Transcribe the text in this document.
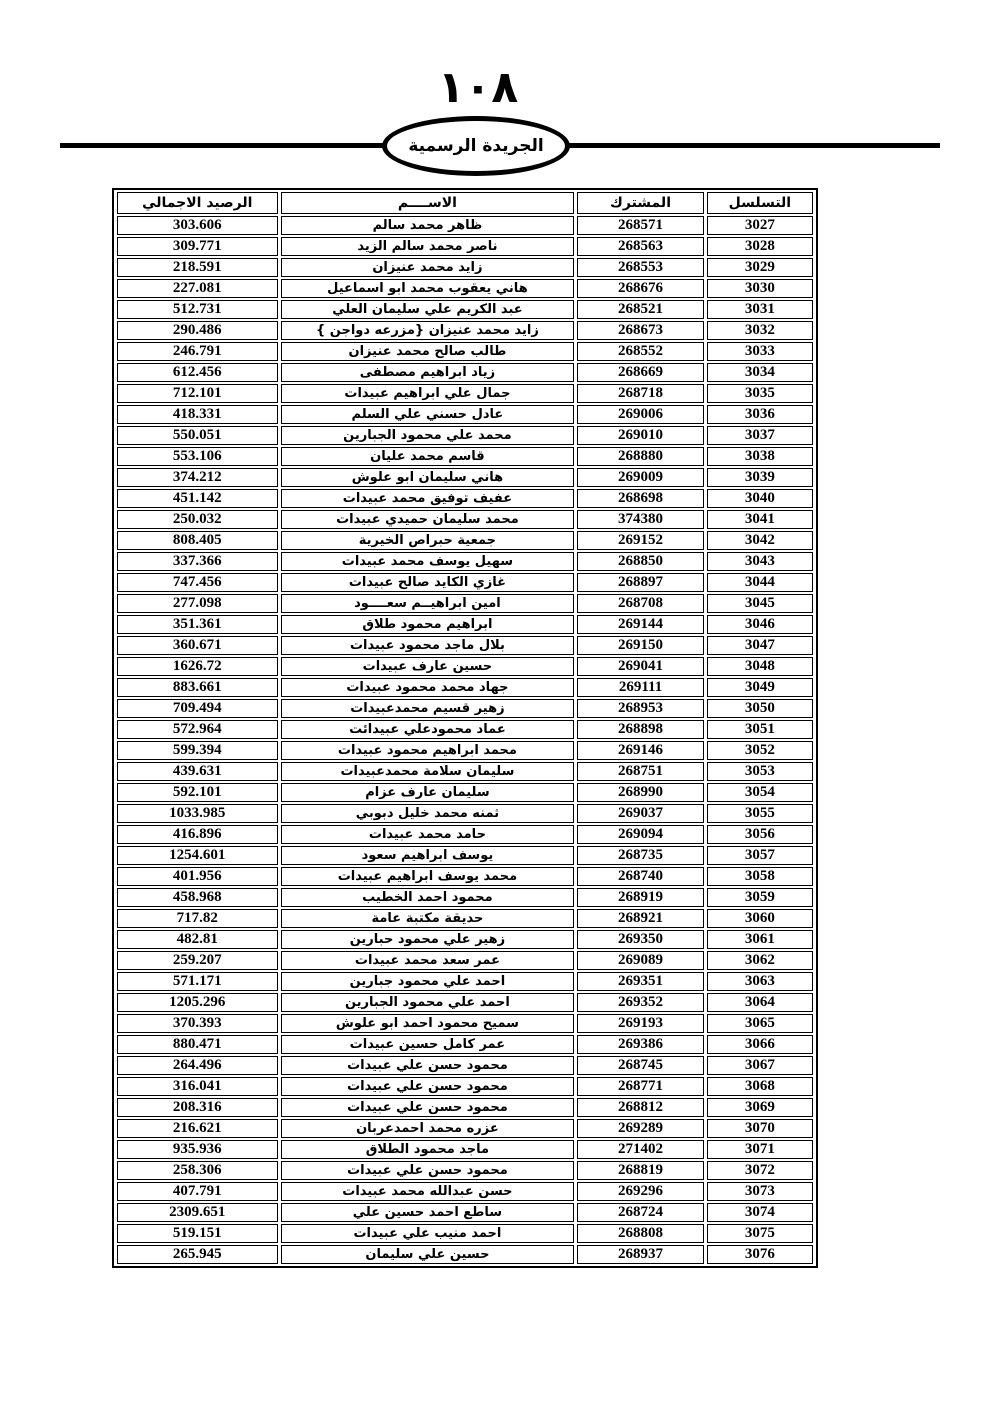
١٠٨
الجريدة الرسمية
التسلسل	المشترك	الاســــم	الرصيد الاجمالي
3027	268571	ظاهر محمد سالم	303.606
3028	268563	ناصر محمد سالم الزيد	309.771
3029	268553	زايد محمد عنيزان	218.591
3030	268676	هاني يعقوب محمد ابو اسماعيل	227.081
3031	268521	عبد الكريم علي سليمان العلي	512.731
3032	268673	زايد محمد عنيزان {مزرعه دواجن }	290.486
3033	268552	طالب صالح محمد عنيزان	246.791
3034	268669	زياد ابراهيم مصطفى	612.456
3035	268718	جمال علي ابراهيم عبيدات	712.101
3036	269006	عادل حسني علي السلم	418.331
3037	269010	محمد علي محمود الجبارين	550.051
3038	268880	قاسم محمد عليان	553.106
3039	269009	هاني سليمان ابو علوش	374.212
3040	268698	عفيف توفيق محمد عبيدات	451.142
3041	374380	محمد سليمان حميدي عبيدات	250.032
3042	269152	جمعية حبراص الخيرية	808.405
3043	268850	سهيل يوسف محمد عبيدات	337.366
3044	268897	غازي الكايد صالح عبيدات	747.456
3045	268708	امين ابراهيــم سعــــود	277.098
3046	269144	ابراهيم محمود طلاق	351.361
3047	269150	بلال ماجد محمود عبيدات	360.671
3048	269041	حسين عارف عبيدات	1626.72
3049	269111	جهاد محمد محمود عبيدات	883.661
3050	268953	زهير قسيم محمدعبيدات	709.494
3051	268898	عماد محمودعلي عبيدائت	572.964
3052	269146	محمد ابراهيم محمود عبيدات	599.394
3053	268751	سليمان سلامة محمدعبيدات	439.631
3054	268990	سليمان عارف عزام	592.101
3055	269037	ثمنه محمد خليل دبوبي	1033.985
3056	269094	حامد محمد عبيدات	416.896
3057	268735	يوسف ابراهيم سعود	1254.601
3058	268740	محمد يوسف ابراهيم عبيدات	401.956
3059	268919	محمود احمد الخطيب	458.968
3060	268921	حديقة مكتبة عامة	717.82
3061	269350	زهير علي محمود حبارين	482.81
3062	269089	عمر سعد محمد عبيدات	259.207
3063	269351	احمد علي محمود جبارين	571.171
3064	269352	احمد علي محمود الجبارين	1205.296
3065	269193	سميح محمود احمد ابو علوش	370.393
3066	269386	عمر كامل حسين عبيدات	880.471
3067	268745	محمود حسن علي عبيدات	264.496
3068	268771	محمود حسن علي عبيدات	316.041
3069	268812	محمود حسن علي عبيدات	208.316
3070	269289	عزره محمد احمدعربان	216.621
3071	271402	ماجد محمود الطلاق	935.936
3072	268819	محمود حسن علي عبيدات	258.306
3073	269296	حسن عبدالله محمد عبيدات	407.791
3074	268724	ساطع احمد حسين علي	2309.651
3075	268808	احمد منيب علي عبيدات	519.151
3076	268937	حسين علي سليمان	265.945
